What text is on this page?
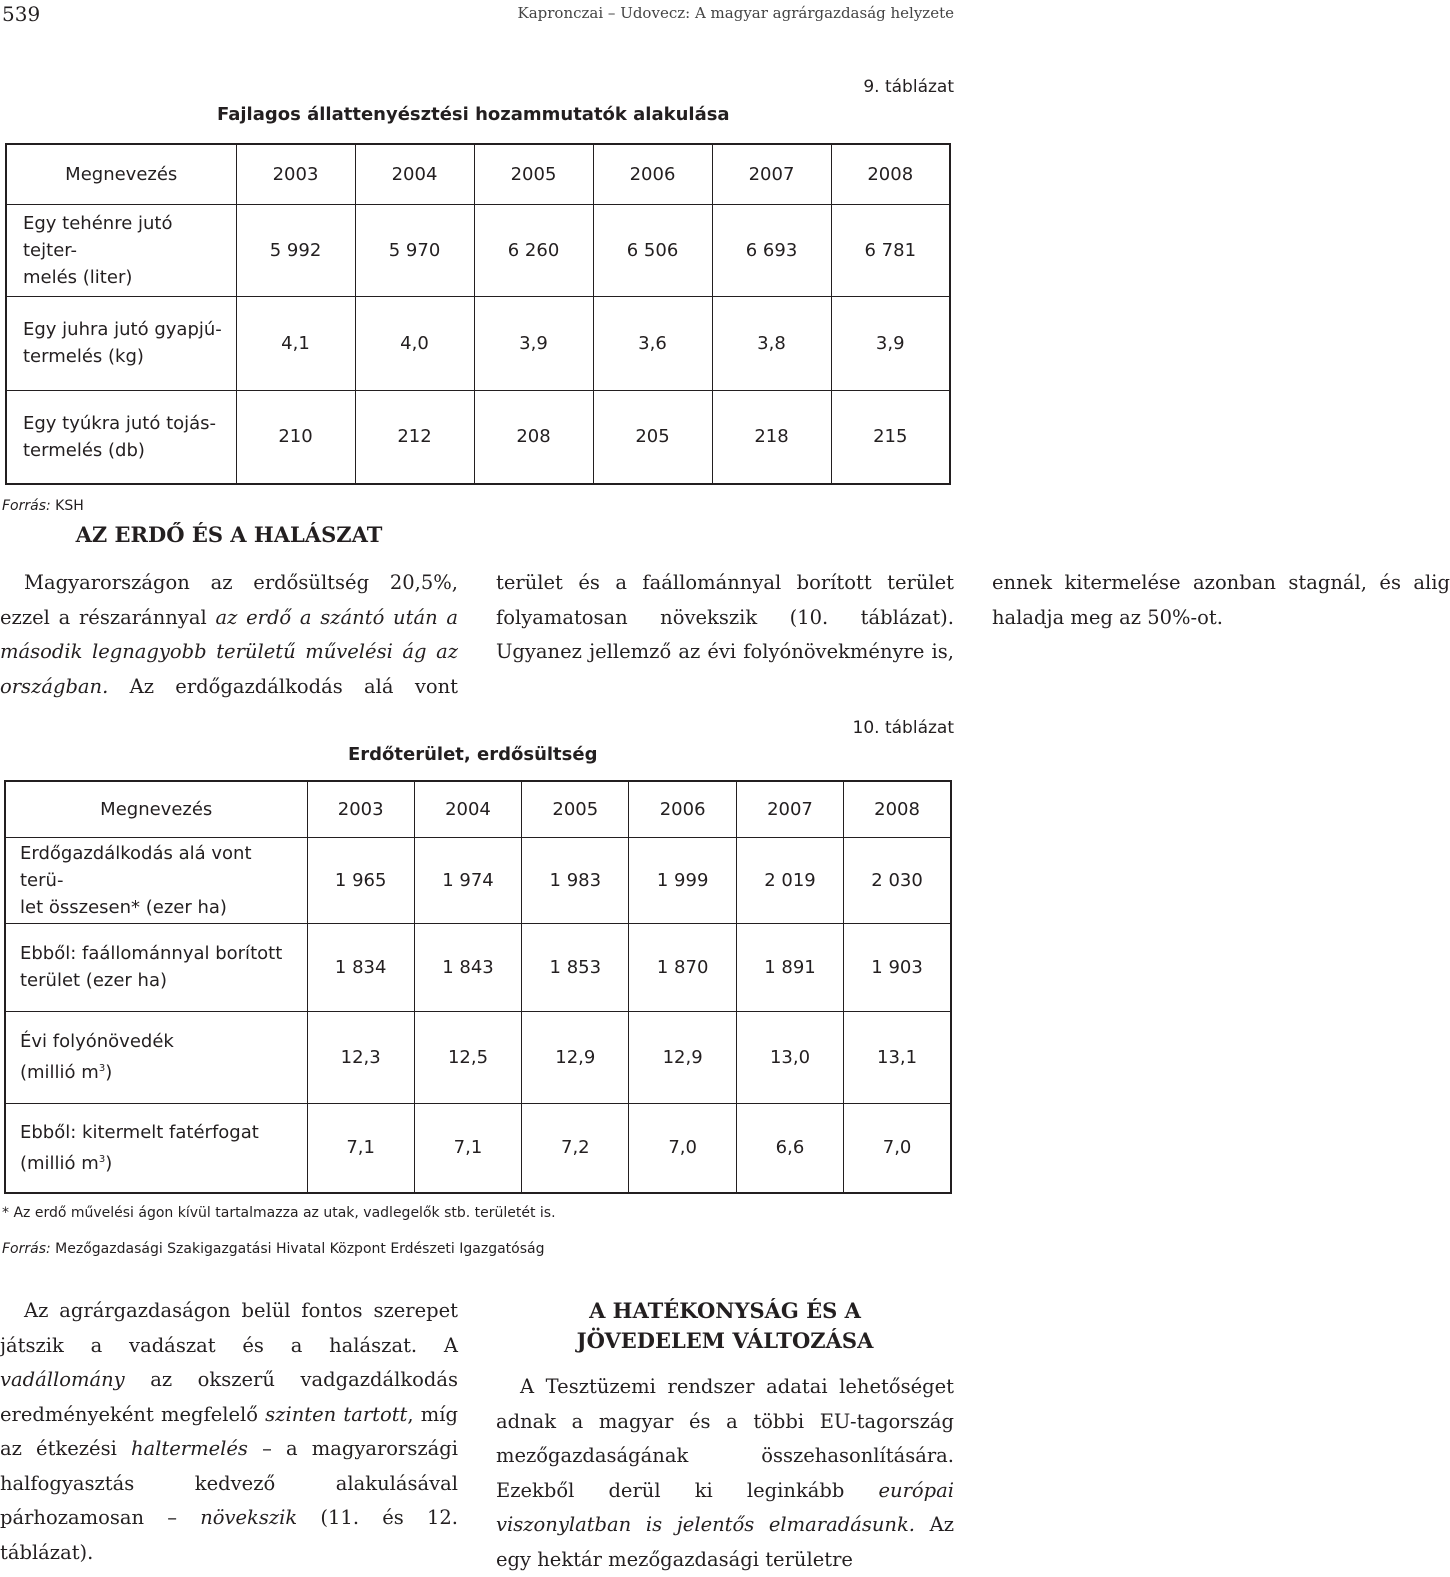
539	Kapronczai – Udovecz: A magyar agrárgazdaság helyzete
9. táblázat
Fajlagos állattenyésztési hozammutatók alakulása
Megnevezés	2003	2004	2005	2006	2007	2008
Egy tehénre jutó tejter-
melés (liter)	5 992	5 970	6 260	6 506	6 693	6 781
Egy juhra jutó gyapjú-
termelés (kg)	4,1	4,0	3,9	3,6	3,8	3,9
Egy tyúkra jutó tojás-
termelés (db)	210	212	208	205	218	215
Forrás: KSH
AZ ERDŐ ÉS A HALÁSZAT

Magyarországon az erdősültség 20,5%, ezzel a részaránnyal az erdő a szántó után a második legnagyobb területű művelési ág az országban. Az erdőgazdálkodás alá vont terület és a faállománnyal borított terület folyamatosan növekszik (10. táblázat). Ugyanez jellemző az évi folyónövekményre is, ennek kitermelése azonban stagnál, és alig haladja meg az 50%-ot.

10. táblázat
Erdőterület, erdősültség
Megnevezés	2003	2004	2005	2006	2007	2008
Erdőgazdálkodás alá vont terü-
let összesen* (ezer ha)	1 965	1 974	1 983	1 999	2 019	2 030
Ebből: faállománnyal borított
terület (ezer ha)	1 834	1 843	1 853	1 870	1 891	1 903
Évi folyónövedék
(millió $m^3$)	12,3	12,5	12,9	12,9	13,0	13,1
Ebből: kitermelt fatérfogat
(millió $m^3$)	7,1	7,1	7,2	7,0	6,6	7,0
* Az erdő művelési ágon kívül tartalmazza az utak, vadlegelők stb. területét is.
Forrás: Mezőgazdasági Szakigazgatási Hivatal Központ Erdészeti Igazgatóság

Az agrárgazdaságon belül fontos szerepet játszik a vadászat és a halászat. A vadállomány az okszerű vadgazdálkodás eredményeként megfelelő szinten tartott, míg az étkezési haltermelés – a magyarországi halfogyasztás kedvező alakulásával párhozamosan – növekszik (11. és 12. táblázat).

A HATÉKONYSÁG ÉS A
JÖVEDELEM VÁLTOZÁSA

A Tesztüzemi rendszer adatai lehetőséget adnak a magyar és a többi EU-tagország mezőgazdaságának összehasonlítására. Ezekből derül ki leginkább európai viszonylatban is jelentős elmaradásunk. Az egy hektár mezőgazdasági területre
